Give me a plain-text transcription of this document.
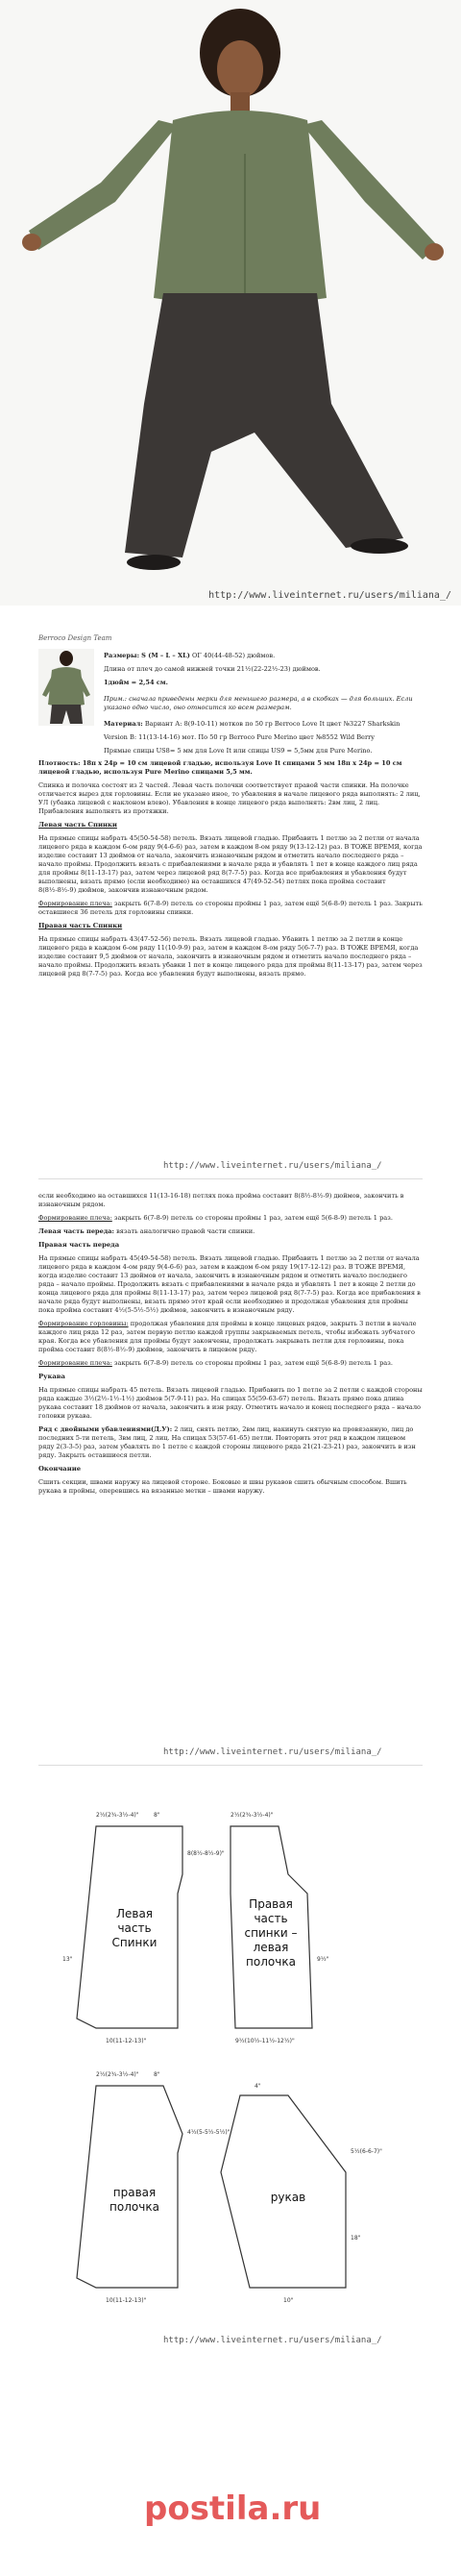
http://www.liveinternet.ru/users/miliana_/
Berroco Design Team

Размеры: S (M – L – XL) ОГ 40(44-48-52) дюймов.

Длина от плеч до самой нижней точки 21½(22-22½-23) дюймов.

1дюйм = 2,54 см.

Прим.: сначала приведены мерки для меньшего размера, а в скобках — для больших. Если указано одно число, оно относится ко всем размерам.

Материал: Вариант А: 8(9-10-11) мотков по 50 гр Berroco Love It цвет №3227 Sharkskin

Version B: 11(13-14-16) мот. По 50 гр Berroco Pure Merino цвет №8552 Wild Berry

Прямые спицы US8= 5 мм для Love It или спицы US9 = 5,5мм для Pure Merino.

Плотность: 18п x 24р = 10 см лицевой гладью, используя Love It спицами 5 мм 18п x 24р = 10 см лицевой гладью, используя Pure Merino спицами 5,5 мм.

Спинка и полочка состоят из 2 частей. Левая часть полочки соответствует правой части спинки. На полочке отличается вырез для горловины. Если не указано иное, то убавления в начале лицевого ряда выполнять: 2 лиц, УЛ (убавка лицевой с наклоном влево). Убавления в конце лицевого ряда выполнять: 2вм лиц, 2 лиц. Прибавления выполнять из протяжки.

Левая часть Спинки

На прямые спицы набрать 45(50-54-58) петель. Вязать лицевой гладью. Прибавить 1 петлю за 2 петли от начала лицевого ряда в каждом 6-ом ряду 9(4-6-6) раз, затем в каждом 8-ом ряду 9(13-12-12) раз. В ТОЖЕ ВРЕМЯ, когда изделие составит 13 дюймов от начала, закончить изнаночным рядом и отметить начало последнего ряда – начало проймы. Продолжить вязать с прибавлениями в начале ряда и убавлять 1 пет в конце каждого лиц ряда для проймы 8(11-13-17) раз, затем через лицевой ряд 8(7-7-5) раз. Когда все прибавления и убавления будут выполнены, вязать прямо (если необходимо) на оставшихся 47(49-52-54) петлях пока пройма составит 8(8½-8½-9) дюймов, закончив изнаночным рядом.

Формирование плеча: закрыть 6(7-8-9) петель со стороны проймы 1 раз, затем ещё 5(6-8-9) петель 1 раз. Закрыть оставшиеся 36 петель для горловины спинки.

Правая часть Спинки

На прямые спицы набрать 43(47-52-56) петель. Вязать лицевой гладью. Убавить 1 петлю за 2 петли в конце лицевого ряда в каждом 6-ом ряду 11(10-9-9) раз, затем в каждом 8-ом ряду 5(6-7-7) раз. В ТОЖЕ ВРЕМЯ, когда изделие составит 9,5 дюймов от начала, закончить в изнаночным рядом и отметить начало последнего ряда – начало проймы. Продолжить вязать убавки 1 пет в конце лицевого ряда для проймы 8(11-13-17) раз, затем через лицевой ряд 8(7-7-5) раз. Когда все убавления будут выполнены, вязать прямо.

http://www.liveinternet.ru/users/miliana_/

если необходимо на оставшихся 11(13-16-18) петлях пока пройма составит 8(8½-8½-9) дюймов, закончить в изнаночным рядом.

Формирование плеча: закрыть 6(7-8-9) петель со стороны проймы 1 раз, затем ещё 5(6-8-9) петель 1 раз.

Левая часть переда: вязать аналогично правой части спинки.

Правая часть переда

На прямые спицы набрать 45(49-54-58) петель. Вязать лицевой гладью. Прибавить 1 петлю за 2 петли от начала лицевого ряда в каждом 4-ом ряду 9(4-6-6) раз, затем в каждом 6-ом ряду 19(17-12-12) раз. В ТОЖЕ ВРЕМЯ, когда изделие составит 13 дюймов от начала, закончить в изнаночным рядом и отметить начало последнего ряда – начало проймы. Продолжить вязать с прибавлениями в начале ряда и убавлять 1 пет в конце 2 петли до конца лицевого ряда для проймы 8(11-13-17) раз, затем через лицевой ряд 8(7-7-5) раз. Когда все прибавления в начале ряда будут выполнены, вязать прямо этот край если необходимо и продолжая убавления для проймы пока пройма составит 4½(5-5½-5½) дюймов, закончить в изнаночным ряду.

Формирование горловины: продолжая убавления для проймы в конце лицевых рядов, закрыть 3 петли в начале каждого лиц ряда 12 раз, затем первую петлю каждой группы закрываемых петель, чтобы избежать зубчатого края. Когда все убавления для проймы будут закончены, продолжать закрывать петли для горловины, пока пройма составит 8(8½-8½-9) дюймов, закончить в лицевом ряду.

Формирование плеча: закрыть 6(7-8-9) петель со стороны проймы 1 раз, затем ещё 5(6-8-9) петель 1 раз.

Рукава

На прямые спицы набрать 45 петель. Вязать лицевой гладью. Прибавить по 1 петле за 2 петли с каждой стороны ряда каждые 3½(2½-1½-1½) дюймов 5(7-9-11) раз. На спицах 55(59-63-67) петель. Вязать прямо пока длина рукава составит 18 дюймов от начала, закончить в изн ряду. Отметить начало и конец последнего ряда – начало головки рукава.

Ряд с двойными убавлениями(Д.У): 2 лиц, снять петлю, 2вм лиц, накинуть снятую на провязанную, лиц до последних 5-ти петель, 3вм лиц, 2 лиц. На спицах 53(57-61-65) петли. Повторить этот ряд в каждом лицевом ряду 2(3-3-5) раз, затем убавлять по 1 петле с каждой стороны лицевого ряда 21(21-23-21) раз, закончить в изн ряду. Закрыть оставшиеся петли.

Окончание

Сшить секции, швами наружу на лицевой стороне. Боковые и швы рукавов сшить обычным способом. Вшить рукава в проймы, оперевшись на вязанные метки – швами наружу.

http://www.liveinternet.ru/users/miliana_/
Левая
часть
Спинки
Правая
часть
спинки –
левая
полочка
правая
полочка
рукав
2½(2¾-3½-4)"	8"	2½(2¾-3½-4)"
10(11-12-13)"	9½(10½-11½-12½)"
8(8½-8½-9)"
13"	9½"
2½(2¾-3½-4)"	8"
4½(5-5½-5½)"
10(11-12-13)"
4"
5½(6-6-7)"
18"
10"
http://www.liveinternet.ru/users/miliana_/
postila.ru
